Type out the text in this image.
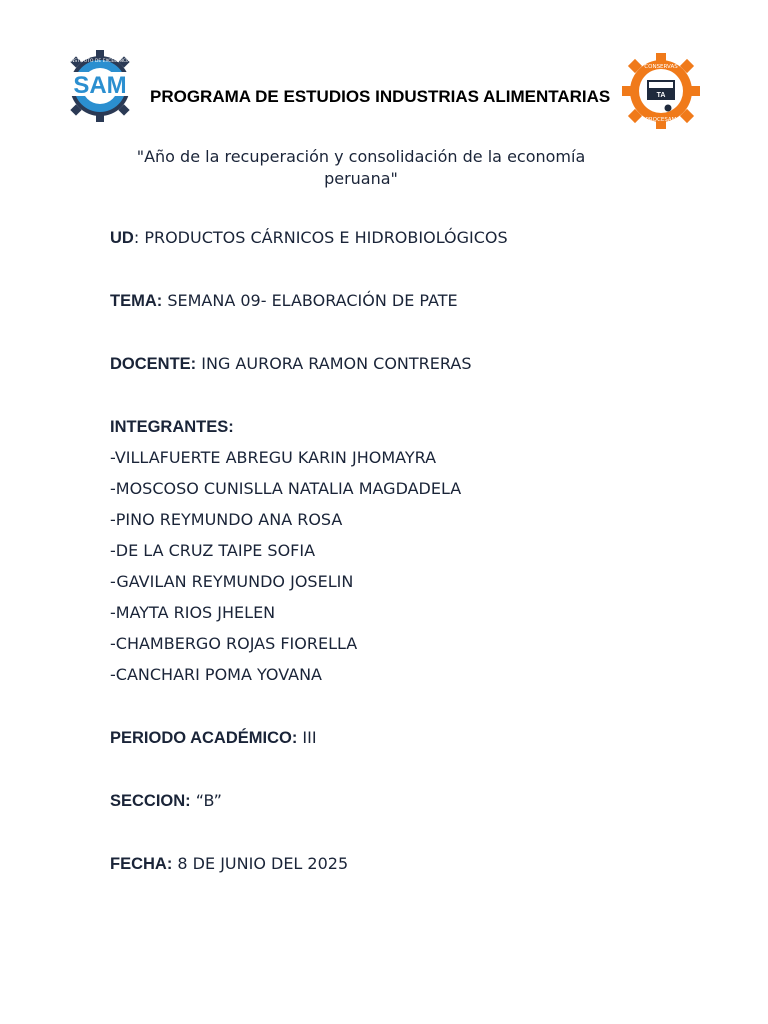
SAM
INSTITUTO DE EXCELENCIA
PROGRAMA DE ESTUDIOS INDUSTRIAS ALIMENTARIAS	TA
CONSERVAS
PROCESAM
"Año de la recuperación y consolidación de la economía peruana"
UD: PRODUCTOS CÁRNICOS E HIDROBIOLÓGICOS
TEMA: SEMANA 09- ELABORACIÓN DE PATE
DOCENTE: ING AURORA RAMON CONTRERAS
INTEGRANTES:
-VILLAFUERTE ABREGU KARIN JHOMAYRA
-MOSCOSO CUNISLLA NATALIA MAGDADELA
-PINO REYMUNDO ANA ROSA
-DE LA CRUZ TAIPE SOFIA
-GAVILAN REYMUNDO JOSELIN
-MAYTA RIOS JHELEN
-CHAMBERGO ROJAS FIORELLA
-CANCHARI POMA YOVANA
PERIODO ACADÉMICO: III
SECCION: “B”
FECHA: 8 DE JUNIO DEL 2025
